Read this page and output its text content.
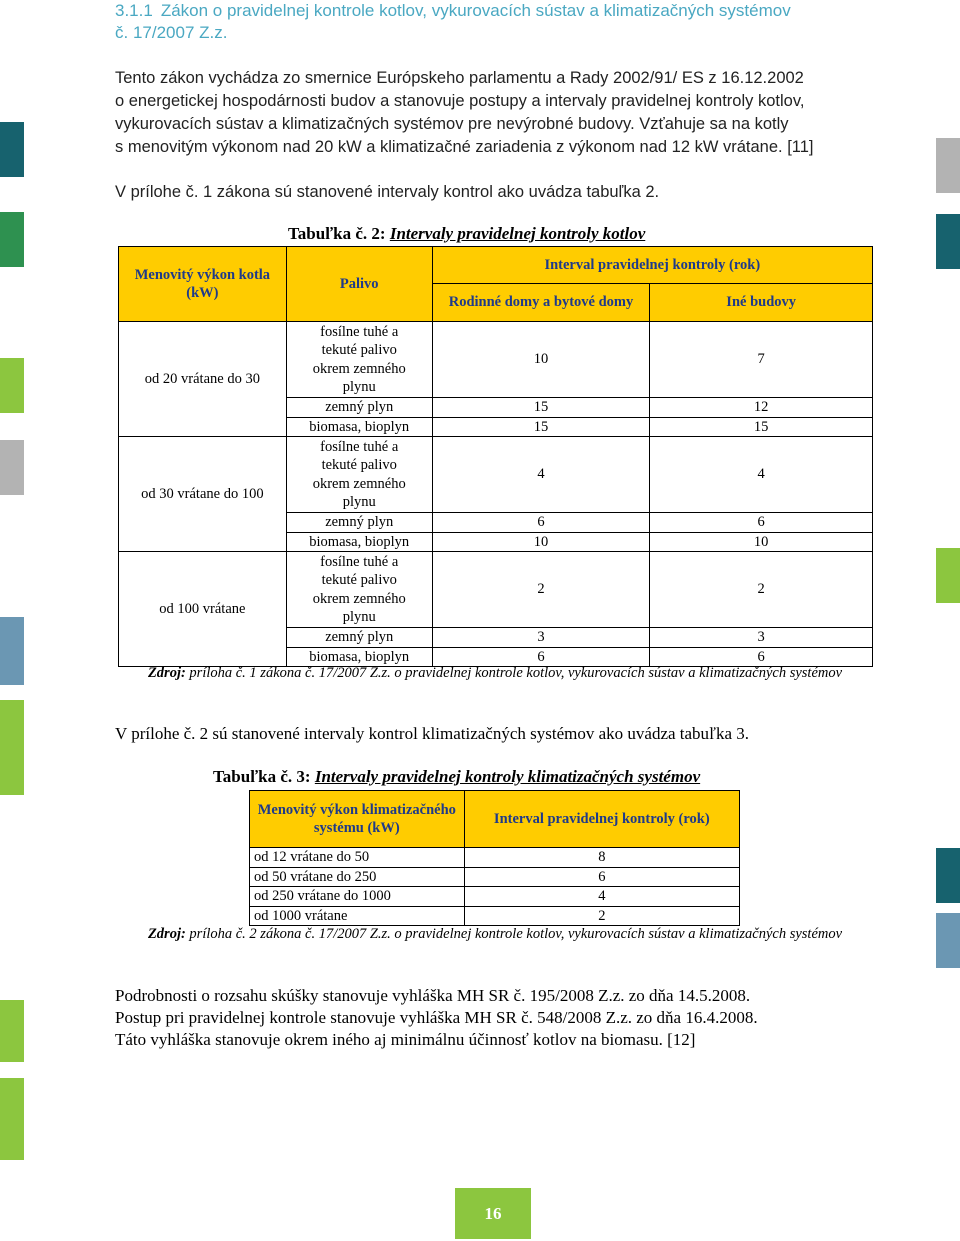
3.1.1 Zákon o pravidelnej kontrole kotlov, vykurovacích sústav a klimatizačných systémov
č. 17/2007 Z.z.
Tento zákon vychádza zo smernice Európskeho parlamentu a Rady 2002/91/ ES z 16.12.2002
o energetickej hospodárnosti budov a stanovuje postupy a intervaly pravidelnej kontroly kotlov,
vykurovacích sústav a klimatizačných systémov pre nevýrobné budovy. Vzťahuje sa na kotly
s menovitým výkonom nad 20 kW a klimatizačné zariadenia z výkonom nad 12 kW vrátane. [11]
V prílohe č. 1 zákona sú stanovené intervaly kontrol ako uvádza tabuľka 2.
Tabuľka č. 2: Intervaly pravidelnej kontroly kotlov
Menovitý výkon kotla (kW)	Palivo	Interval pravidelnej kontroly (rok)	
		Rodinné domy a bytové domy	Iné budovy
od 20 vrátane do 30	fosílne tuhé a tekuté palivo okrem zemného plynu	10	7
	zemný plyn	15	12
	biomasa, bioplyn	15	15
od 30 vrátane do 100	fosílne tuhé a tekuté palivo okrem zemného plynu	4	4
	zemný plyn	6	6
	biomasa, bioplyn	10	10
od 100 vrátane	fosílne tuhé a tekuté palivo okrem zemného plynu	2	2
	zemný plyn	3	3
	biomasa, bioplyn	6	6
Zdroj: príloha č. 1 zákona č. 17/2007 Z.z. o pravidelnej kontrole kotlov, vykurovacích sústav a klimatizačných systémov
V prílohe č. 2 sú stanovené intervaly kontrol klimatizačných systémov ako uvádza tabuľka 3.
Tabuľka č. 3: Intervaly pravidelnej kontroly klimatizačných systémov
Menovitý výkon klimatizačného systému (kW)	Interval pravidelnej kontroly (rok)
od 12 vrátane do 50	8
od 50 vrátane do 250	6
od 250 vrátane do 1000	4
od 1000 vrátane	2
Zdroj: príloha č. 2 zákona č. 17/2007 Z.z. o pravidelnej kontrole kotlov, vykurovacích sústav a klimatizačných systémov
Podrobnosti o rozsahu skúšky stanovuje vyhláška MH SR č. 195/2008 Z.z. zo dňa 14.5.2008.
Postup pri pravidelnej kontrole stanovuje vyhláška MH SR č. 548/2008 Z.z. zo dňa 16.4.2008.
Táto vyhláška stanovuje okrem iného aj minimálnu účinnosť kotlov na biomasu. [12]
16
